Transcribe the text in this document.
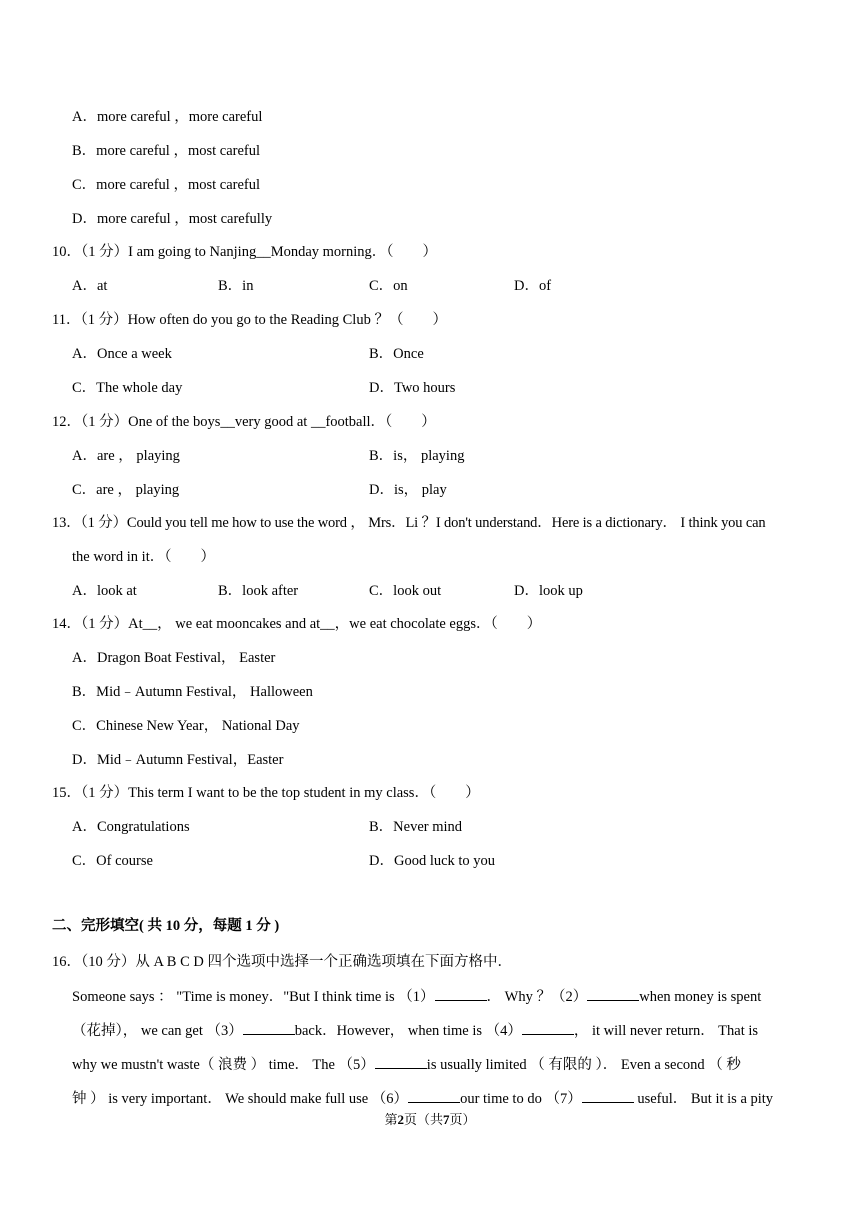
A．more careful ，more careful
B．more careful ，most careful
C．more careful ，most careful
D．more careful ，most carefully
10．（1 分）I am going to Nanjing__Monday morning．（　　）
A．at	B．in	C．on	D．of
11．（1 分）How often do you go to the Reading Club ？（　　）
A．Once a week	B．Once
C．The whole day	D．Two hours
12．（1 分）One of the boys__very good at __football．（　　）
A．are ， playing	B．is， playing
C．are ， playing	D．is， play
13．（1 分）Could you tell me how to use the word ， Mrs．Li ？I don't understand．Here is a dictionary． I think you can
the word in it．（　　）
A．look at	B．look after	C．look out	D．look up
14．（1 分）At__， we eat mooncakes and at__，we eat chocolate eggs．（　　）
A．Dragon Boat Festival， Easter
B．Mid﹣Autumn Festival， Halloween
C．Chinese New Year， National Day
D．Mid﹣Autumn Festival，Easter
15．（1 分）This term I want to be the top student in my class．（　　）
A．Congratulations	B．Never mind
C．Of course	D．Good luck to you
二、完形填空( 共 10 分，每题 1 分 )
16．（10 分）从 A B C D 四个选项中选择一个正确选项填在下面方格中．
Someone says ： "Time is money．"But I think time is （1）	． Why ？（2）	when money is spent
（花掉）， we can get （3）	back．However， when time is （4）	， it will never return． That is
why we mustn't waste（ 浪费 ） time． The （5）	is usually limited （ 有限的 ）． Even a second （ 秒
钟 ） is very important． We should make full use （6）	our time to do （7）	useful． But it is a pity
第2页（共7页）
